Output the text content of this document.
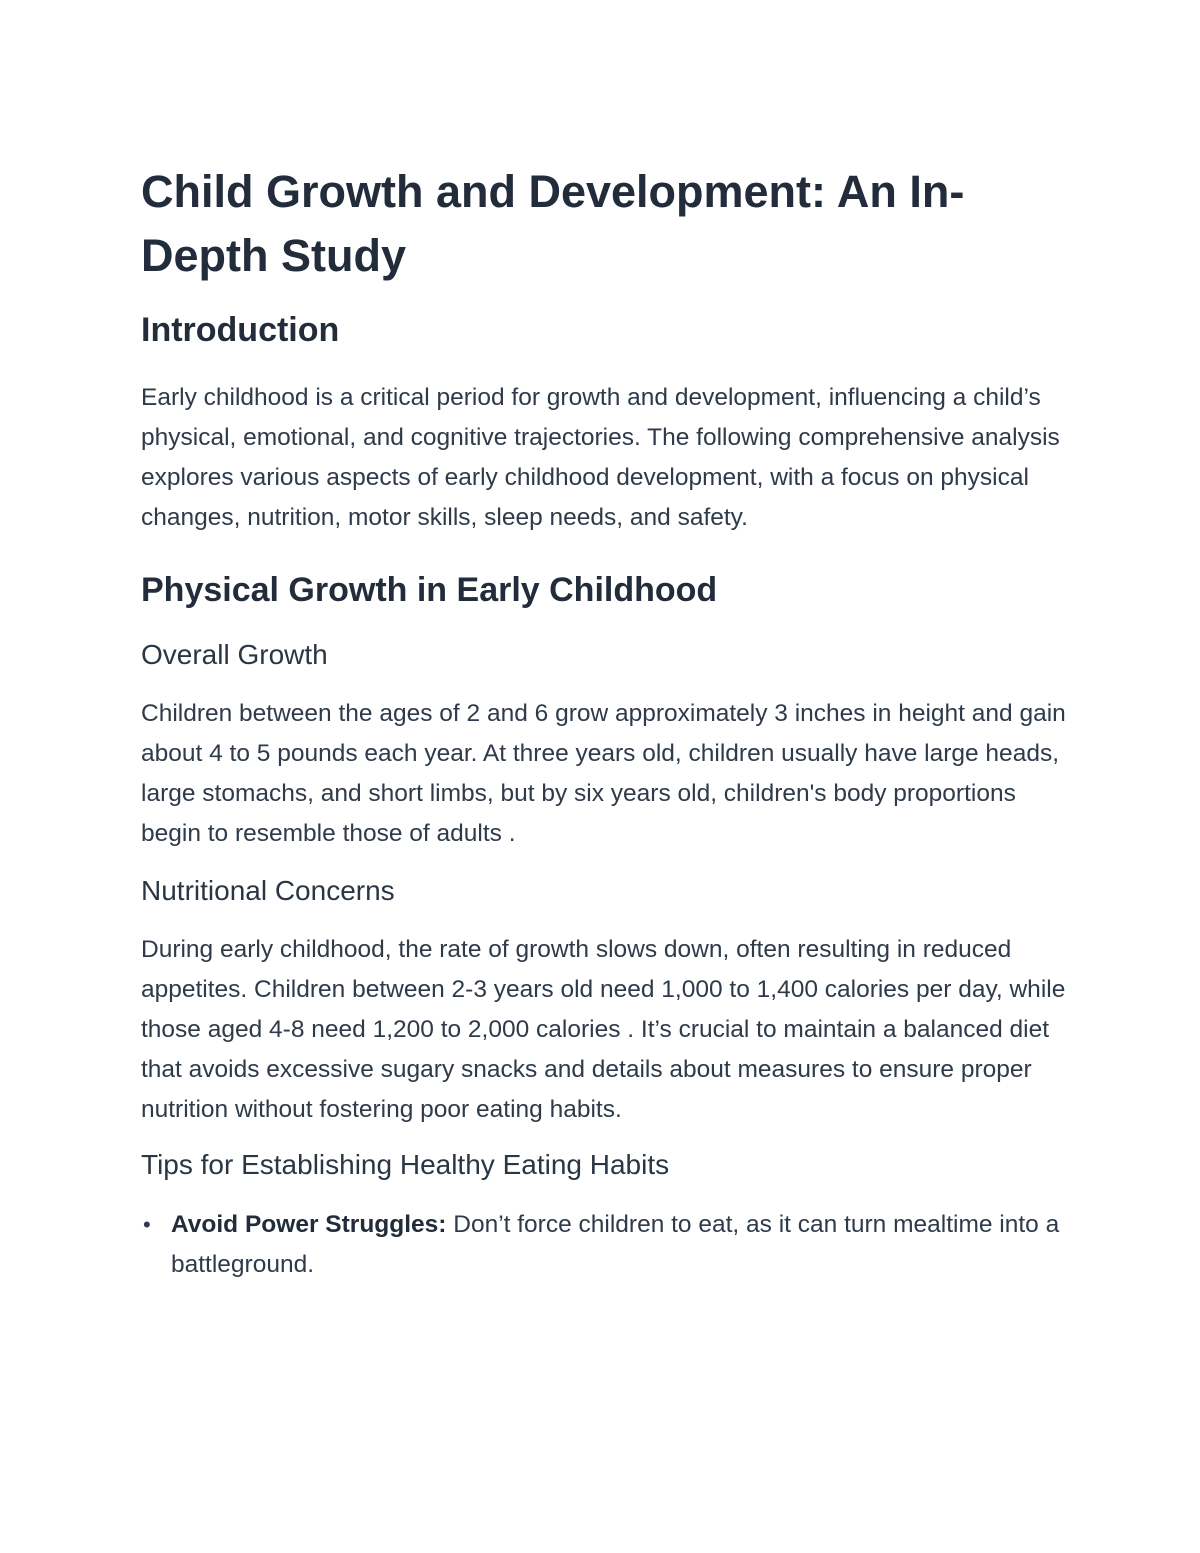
Child Growth and Development: An In-Depth Study
Introduction

Early childhood is a critical period for growth and development, influencing a child’s physical, emotional, and cognitive trajectories. The following comprehensive analysis explores various aspects of early childhood development, with a focus on physical changes, nutrition, motor skills, sleep needs, and safety.

Physical Growth in Early Childhood
Overall Growth

Children between the ages of 2 and 6 grow approximately 3 inches in height and gain about 4 to 5 pounds each year. At three years old, children usually have large heads, large stomachs, and short limbs, but by six years old, children's body proportions begin to resemble those of adults .

Nutritional Concerns

During early childhood, the rate of growth slows down, often resulting in reduced appetites. Children between 2-3 years old need 1,000 to 1,400 calories per day, while those aged 4-8 need 1,200 to 2,000 calories . It’s crucial to maintain a balanced diet that avoids excessive sugary snacks and details about measures to ensure proper nutrition without fostering poor eating habits.

Tips for Establishing Healthy Eating Habits
• Avoid Power Struggles: Don’t force children to eat, as it can turn mealtime into a battleground.
